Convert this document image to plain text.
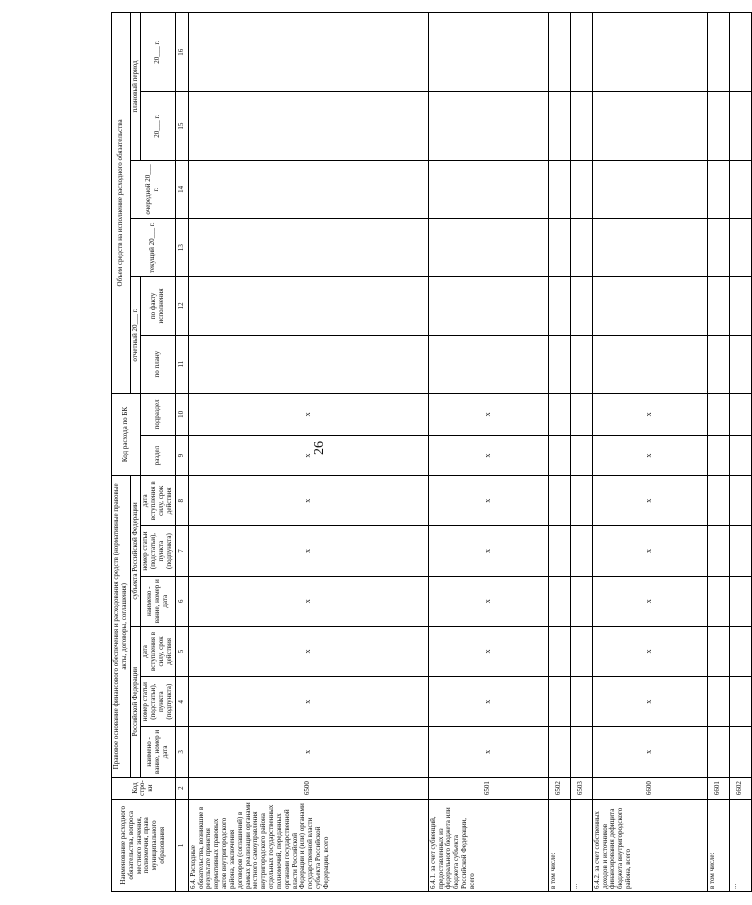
26
Наименование расходного обязательства, вопроса местного значения, полномочия, права муниципального образования	Код стро-ки	Правовое основание финансового обеспечения и расходования средств (нормативные правовые акты, договоры, соглашения)						Код расхода по БК		Объем средств на исполнение расходного обязательства					
		Российской Федерации			субъекта Российской Федерации					отчетный 20___ г.		текущий 20___ г.	очередной 20___ г.	плановый период	
		наимено - вание, номер и дата	номер статьи (подстатьи), пункта (подпункта)	дата вступления в силу, срок действия	наимено - вание, номер и дата	номер статьи (подстатьи), пункта (подпункта)	дата вступления в силу, срок действия	раздел	подраздел	по плану	по факту исполнения			20___ г.	20___ г.

1	2	3	4	5	6	7	8	9	10	11	12	13	14	15	16
6.4. Расходные обязательства, возникшие в результате принятия нормативных правовых актов внутригородского района, заключения договоров (соглашений) в рамках реализации органами местного самоуправления внутригородского района отдельных государственных полномочий, переданных органами государственной власти Российской Федерации и (или) органами государственной власти субъекта Российской Федерации, всего	6500	x	x	x	x	x	x	x	x						
6.4.1. за счет субвенций, предоставленных из федерального бюджета или бюджета субъекта Российской Федерации, всего	6501	x	x	x	x	x	x	x	x						
в том числе:	6502														
...	6503														
6.4.2. за счет собственных доходов и источников финансирования дефицита бюджета внутригородского района, всего	6600	x	x	x	x	x	x	x	x						
в том числе:	6601														
...	6602														
